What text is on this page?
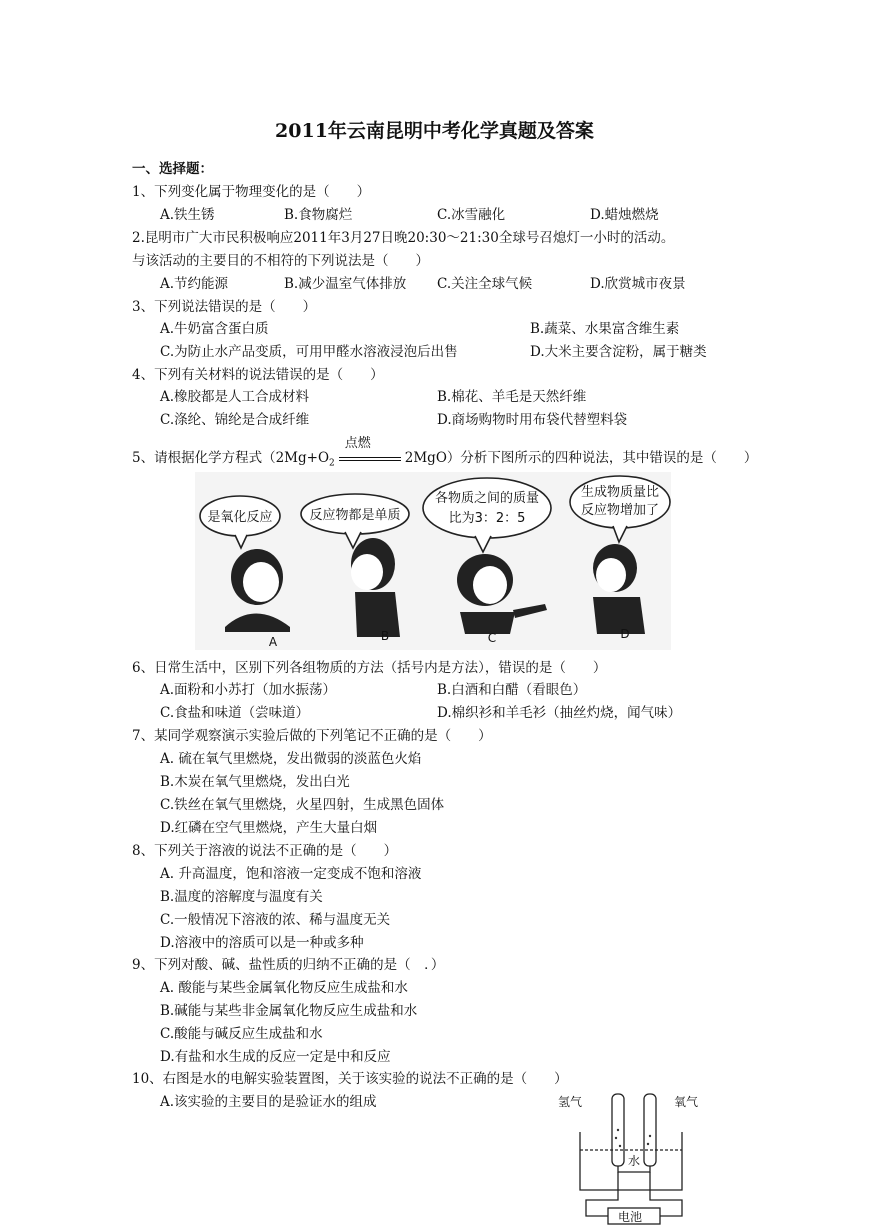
2011年云南昆明中考化学真题及答案
一、选择题：
1、下列变化属于物理变化的是（　　）
A.铁生锈	B.食物腐烂	C.冰雪融化	D.蜡烛燃烧
2.昆明市广大市民积极响应2011年3月27日晚20:30～21:30全球号召熄灯一小时的活动。
与该活动的主要目的不相符的下列说法是（　　）
A.节约能源	B.减少温室气体排放 C.关注全球气候	D.欣赏城市夜景
3、下列说法错误的是（　　）
A.牛奶富含蛋白质	B.蔬菜、水果富含维生素
C.为防止水产品变质，可用甲醛水溶液浸泡后出售	D.大米主要含淀粉，属于糖类
4、下列有关材料的说法错误的是（　　）
A.橡胶都是人工合成材料	B.棉花、羊毛是天然纤维
C.涤纶、锦纶是合成纤维	D.商场购物时用布袋代替塑料袋
5、请根据化学方程式（$2Mg+O_2$
点燃
2MgO）分析下图所示的四种说法，其中错误的是（　　）
是氧化反应	反应物都是单质
各物质之间的质量
比为3：2：5
生成物质量比
反应物增加了
A	B	C	D
6、日常生活中，区别下列各组物质的方法（括号内是方法），错误的是（　　）
A.面粉和小苏打（加水振荡）	B.白酒和白醋（看眼色）
C.食盐和味道（尝味道）	D.棉织衫和羊毛衫（抽丝灼烧，闻气味）
7、某同学观察演示实验后做的下列笔记不正确的是（　　）
A. 硫在氧气里燃烧，发出微弱的淡蓝色火焰
B.木炭在氧气里燃烧，发出白光
C.铁丝在氧气里燃烧，火星四射，生成黑色固体
D.红磷在空气里燃烧，产生大量白烟
8、下列关于溶液的说法不正确的是（　　）
A. 升高温度，饱和溶液一定变成不饱和溶液
B.温度的溶解度与温度有关
C.一般情况下溶液的浓、稀与温度无关
D.溶液中的溶质可以是一种或多种
9、下列对酸、碱、盐性质的归纳不正确的是（　．）
A. 酸能与某些金属氧化物反应生成盐和水
B.碱能与某些非金属氧化物反应生成盐和水
C.酸能与碱反应生成盐和水
D.有盐和水生成的反应一定是中和反应
10、右图是水的电解实验装置图，关于该实验的说法不正确的是（　　）
A.该实验的主要目的是验证水的组成	氢气	氧气
水
电池
